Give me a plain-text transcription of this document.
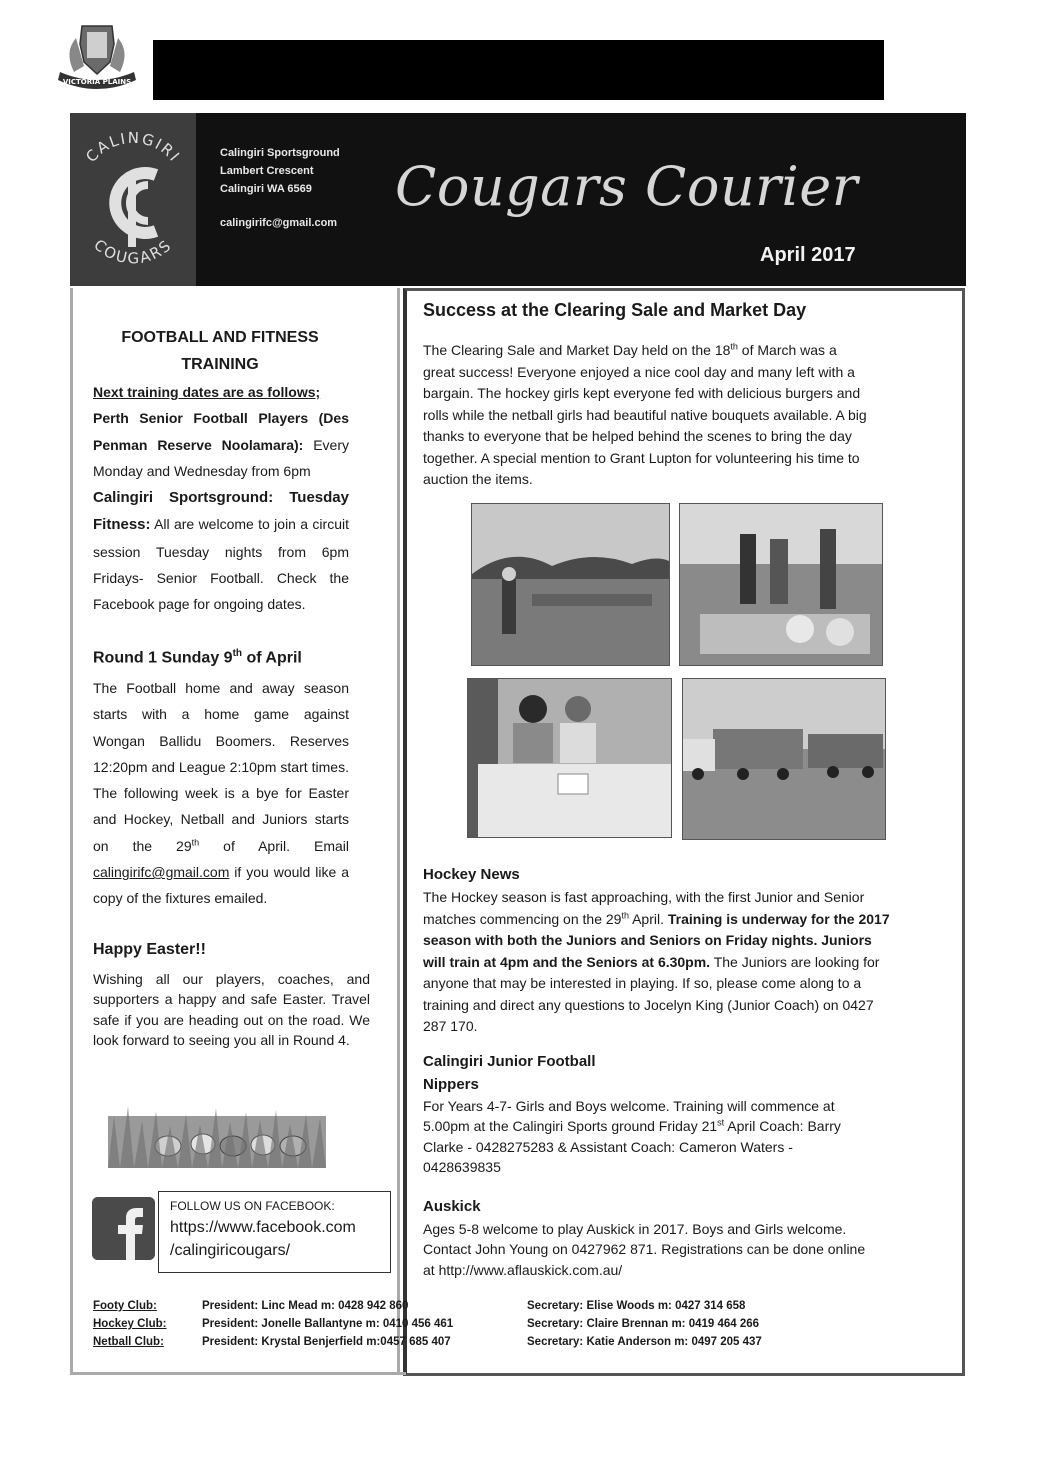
VICTORIA PLAINS
CALINGIRI
COUGARS
Calingiri Sportsground
Lambert Crescent
Calingiri WA 6569
calingirifc@gmail.com
Cougars Courier
April 2017
FOOTBALL AND FITNESS
TRAINING
Next training dates are as follows;
Perth Senior Football Players (Des Penman Reserve Noolamara): Every Monday and Wednesday from 6pm
Calingiri Sportsground: Tuesday Fitness: All are welcome to join a circuit session Tuesday nights from 6pm Fridays- Senior Football. Check the Facebook page for ongoing dates.
Round 1 Sunday 9th of April
The Football home and away season starts with a home game against Wongan Ballidu Boomers. Reserves 12:20pm and League 2:10pm start times. The following week is a bye for Easter and Hockey, Netball and Juniors starts on the 29th of April. Email calingirifc@gmail.com if you would like a copy of the fixtures emailed.
Happy Easter!!
Wishing all our players, coaches, and supporters a happy and safe Easter. Travel safe if you are heading out on the road. We look forward to seeing you all in Round 4.
FOLLOW US ON FACEBOOK:
https://www.facebook.com
/calingiricougars/
Success at the Clearing Sale and Market Day
The Clearing Sale and Market Day held on the 18th of March was a great success! Everyone enjoyed a nice cool day and many left with a bargain. The hockey girls kept everyone fed with delicious burgers and rolls while the netball girls had beautiful native bouquets available. A big thanks to everyone that be helped behind the scenes to bring the day together. A special mention to Grant Lupton for volunteering his time to auction the items.
Hockey News
The Hockey season is fast approaching, with the first Junior and Senior matches commencing on the 29th April. Training is underway for the 2017 season with both the Juniors and Seniors on Friday nights. Juniors will train at 4pm and the Seniors at 6.30pm. The Juniors are looking for anyone that may be interested in playing. If so, please come along to a training and direct any questions to Jocelyn King (Junior Coach) on 0427 287 170.
Calingiri Junior Football
Nippers
For Years 4-7- Girls and Boys welcome. Training will commence at 5.00pm at the Calingiri Sports ground Friday 21st April Coach: Barry Clarke - 0428275283 & Assistant Coach: Cameron Waters - 0428639835
Auskick
Ages 5-8 welcome to play Auskick in 2017. Boys and Girls welcome. Contact John Young on 0427962 871. Registrations can be done online at http://www.aflauskick.com.au/
Footy Club:	President: Linc Mead m: 0428 942 860	Secretary: Elise Woods m: 0427 314 658
Hockey Club:	President: Jonelle Ballantyne m: 0410 456 461	Secretary: Claire Brennan m: 0419 464 266
Netball Club:	President: Krystal Benjerfield m:0457 685 407	Secretary: Katie Anderson m: 0497 205 437
